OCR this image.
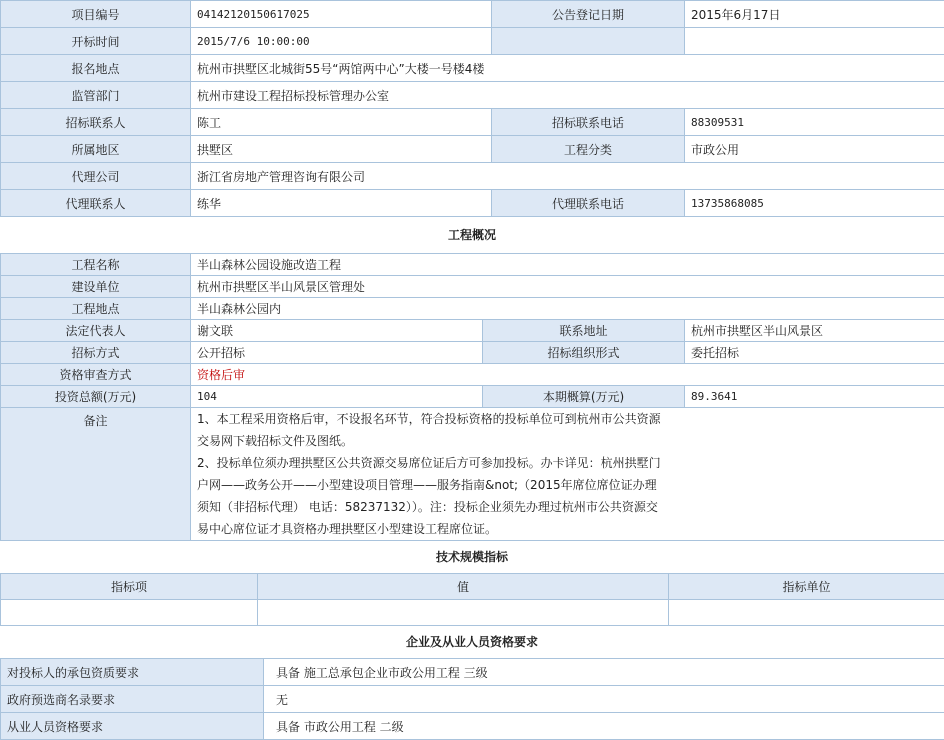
项目编号	041421201506​17025	公告登记日期	2015年6月17日
开标时间	2015/7/6 10:00:00		
报名地点	杭州市拱墅区北城街55号“两馆两中心”大楼一号楼4楼		
监管部门	杭州市建设工程招标投标管理办公室		
招标联系人	陈工	招标联系电话	88309531
所属地区	拱墅区	工程分类	市政公用
代理公司	浙江省房地产管理咨询有限公司		
代理联系人	练华	代理联系电话	13735868085
工程概况
工程名称	半山森林公园设施改造工程		
建设单位	杭州市拱墅区半山风景区管理处		
工程地点	半山森林公园内		
法定代表人	谢文联	联系地址	杭州市拱墅区半山风景区
招标方式	公开招标	招标组织形式	委托招标
资格审查方式	资格后审		
投资总额(万元)	104	本期概算(万元)	89.3641
备注	1、本工程采用资格后审，不设报名环节，符合投标资格的投标单位可到杭州市公共资源交易网下载招标文件及图纸。
2、投标单位须办理拱墅区公共资源交易席位证后方可参加投标。办卡详见：杭州拱墅门户网——政务公开——小型建设项目管理——服务指南&not;（2015年席位席位证办理须知（非招标代理） 电话：58237132））。注：投标企业须先办理过杭州市公共资源交易中心席位证才具资格办理拱墅区小型建设工程席位证。		
技术规模指标
指标项	值	指标单位

企业及从业人员资格要求
对投标人的承包资质要求	具备 施工总承包企业市政公用工程 三级
政府预选商名录要求	无
从业人员资格要求	具备 市政公用工程 二级
